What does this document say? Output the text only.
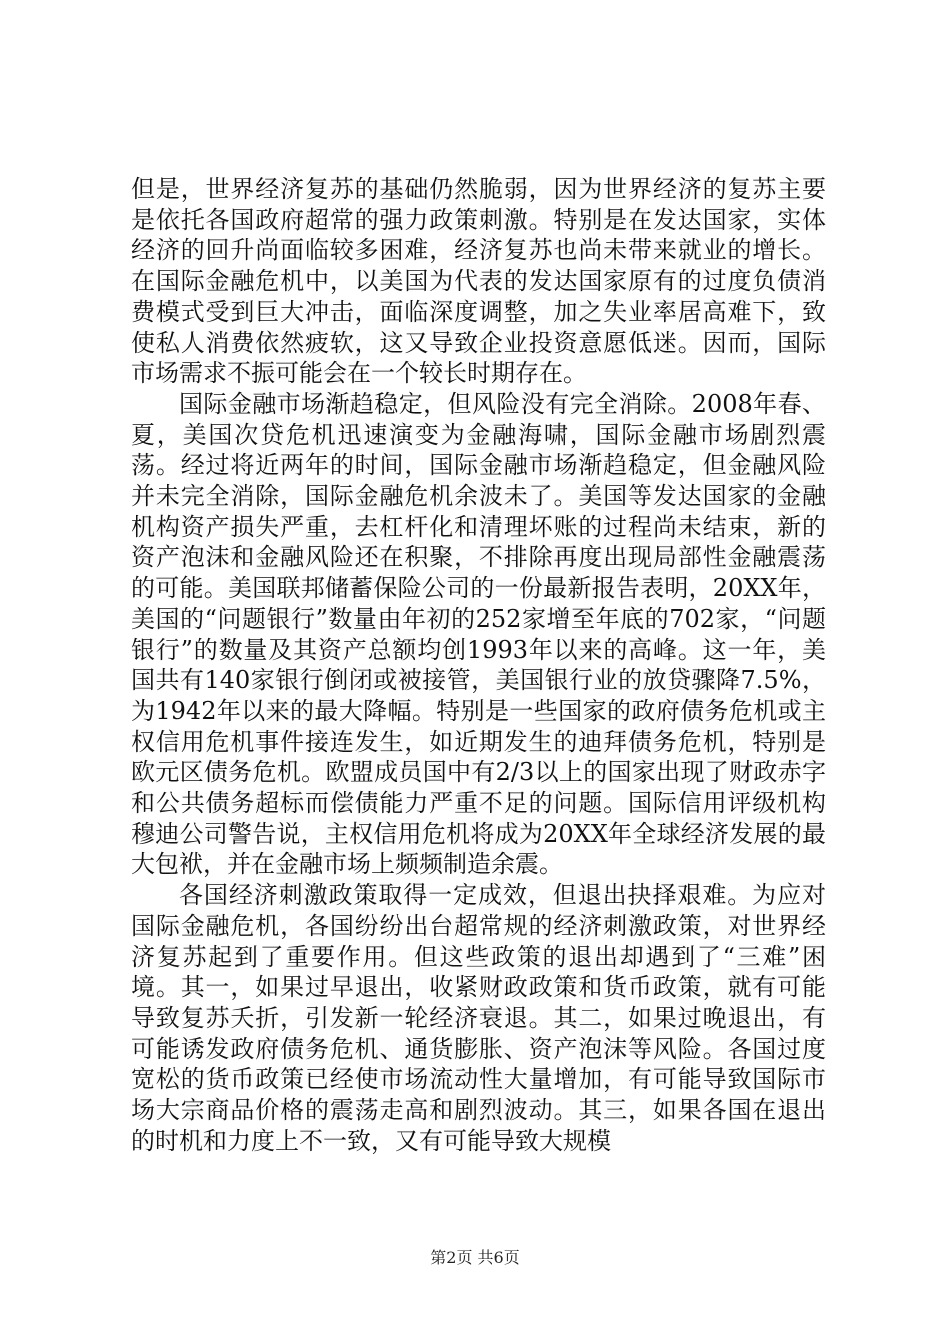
但是，世界经济复苏的基础仍然脆弱，因为世界经济的复苏主要是依托各国政府超常的强力政策刺激。特别是在发达国家，实体经济的回升尚面临较多困难，经济复苏也尚未带来就业的增长。在国际金融危机中，以美国为代表的发达国家原有的过度负债消费模式受到巨大冲击，面临深度调整，加之失业率居高难下，致使私人消费依然疲软，这又导致企业投资意愿低迷。因而，国际市场需求不振可能会在一个较长时期存在。

国际金融市场渐趋稳定，但风险没有完全消除。2008年春、夏，美国次贷危机迅速演变为金融海啸，国际金融市场剧烈震荡。经过将近两年的时间，国际金融市场渐趋稳定，但金融风险并未完全消除，国际金融危机余波未了。美国等发达国家的金融机构资产损失严重，去杠杆化和清理坏账的过程尚未结束，新的资产泡沫和金融风险还在积聚，不排除再度出现局部性金融震荡的可能。美国联邦储蓄保险公司的一份最新报告表明，20XX年，美国的“问题银行”数量由年初的252家增至年底的702家，“问题银行”的数量及其资产总额均创1993年以来的高峰。这一年，美国共有140家银行倒闭或被接管，美国银行业的放贷骤降7.5%，为1942年以来的最大降幅。特别是一些国家的政府债务危机或主权信用危机事件接连发生，如近期发生的迪拜债务危机，特别是欧元区债务危机。欧盟成员国中有2/3以上的国家出现了财政赤字和公共债务超标而偿债能力严重不足的问题。国际信用评级机构穆迪公司警告说，主权信用危机将成为20XX年全球经济发展的最大包袱，并在金融市场上频频制造余震。

各国经济刺激政策取得一定成效，但退出抉择艰难。为应对国际金融危机，各国纷纷出台超常规的经济刺激政策，对世界经济复苏起到了重要作用。但这些政策的退出却遇到了“三难”困境。其一，如果过早退出，收紧财政政策和货币政策，就有可能导致复苏夭折，引发新一轮经济衰退。其二，如果过晚退出，有可能诱发政府债务危机、通货膨胀、资产泡沫等风险。各国过度宽松的货币政策已经使市场流动性大量增加，有可能导致国际市场大宗商品价格的震荡走高和剧烈波动。其三，如果各国在退出的时机和力度上不一致，又有可能导致大规模

第2页 共6页
